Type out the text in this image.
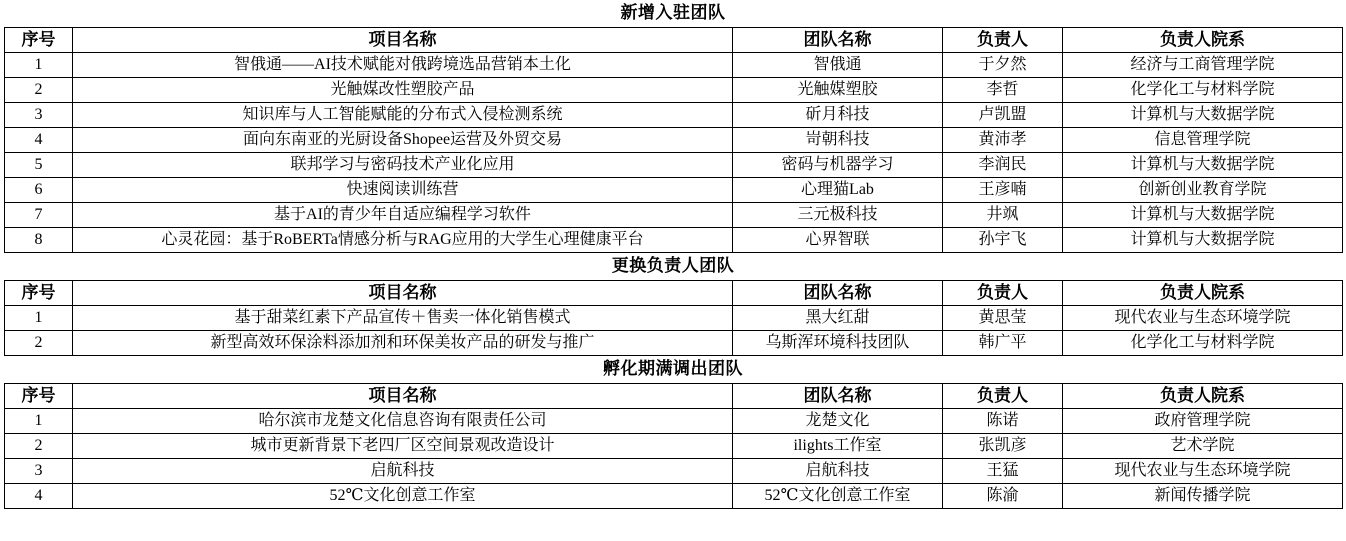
新增入驻团队
序号	项目名称	团队名称	负责人	负责人院系
1	智俄通——AI技术赋能对俄跨境选品营销本土化	智俄通	于夕然	经济与工商管理学院
2	光触媒改性塑胶产品	光触媒塑胶	李哲	化学化工与材料学院
3	知识库与人工智能赋能的分布式入侵检测系统	斫月科技	卢凯盟	计算机与大数据学院
4	面向东南亚的光厨设备Shopee运营及外贸交易	岢朝科技	黄沛孝	信息管理学院
5	联邦学习与密码技术产业化应用	密码与机器学习	李润民	计算机与大数据学院
6	快速阅读训练营	心理猫Lab	王彦喃	创新创业教育学院
7	基于AI的青少年自适应编程学习软件	三元极科技	井飒	计算机与大数据学院
8	心灵花园：基于RoBERTa情感分析与RAG应用的大学生心理健康平台	心界智联	孙宇飞	计算机与大数据学院
更换负责人团队
序号	项目名称	团队名称	负责人	负责人院系
1	基于甜菜红素下产品宣传＋售卖一体化销售模式	黑大红甜	黄思莹	现代农业与生态环境学院
2	新型高效环保涂料添加剂和环保美妆产品的研发与推广	乌斯浑环境科技团队	韩广平	化学化工与材料学院
孵化期满调出团队
序号	项目名称	团队名称	负责人	负责人院系
1	哈尔滨市龙楚文化信息咨询有限责任公司	龙楚文化	陈诺	政府管理学院
2	城市更新背景下老四厂区空间景观改造设计	ilights工作室	张凯彦	艺术学院
3	启航科技	启航科技	王猛	现代农业与生态环境学院
4	52℃文化创意工作室	52℃文化创意工作室	陈渝	新闻传播学院
